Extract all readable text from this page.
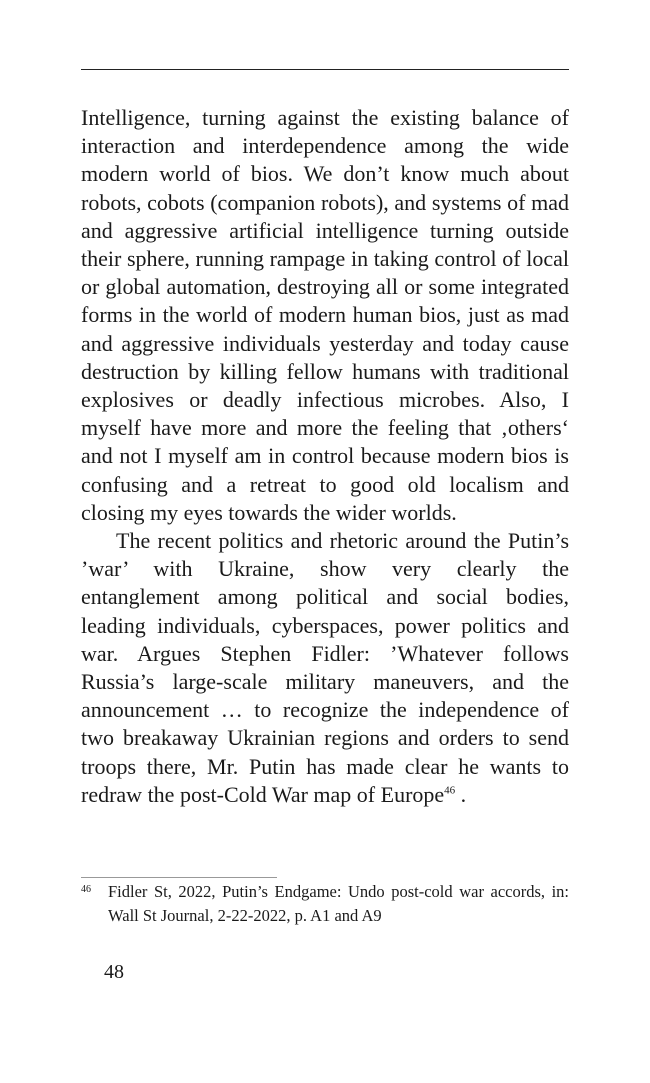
Intelligence, turning against the existing balance of interaction and interdependence among the wide modern world of bios. We don’t know much about robots, cobots (companion robots), and systems of mad and aggressive artificial intelligence turning outside their sphere, running rampage in taking control of local or global automation, destroying all or some integrated forms in the world of modern human bios, just as mad and aggressive individuals yesterday and today cause destruction by killing fellow humans with traditional explosives or deadly infectious microbes. Also, I myself have more and more the feeling that ‚others‘ and not I myself am in control because modern bios is confusing and a retreat to good old localism and closing my eyes towards the wider worlds.

The recent politics and rhetoric around the Putin’s ’war’ with Ukraine, show very clearly the entanglement among political and social bodies, leading individuals, cyberspaces, power politics and war. Argues Stephen Fidler: ’Whatever follows Russia’s large-scale military maneuvers, and the announcement … to recognize the independence of two breakaway Ukrainian regions and orders to send troops there, Mr. Putin has made clear he wants to redraw the post-Cold War map of Europe$^{46}$ .

46 Fidler St, 2022, Putin’s Endgame: Undo post-cold war accords, in: Wall St Journal, 2-22-2022, p. A1 and A9
48
